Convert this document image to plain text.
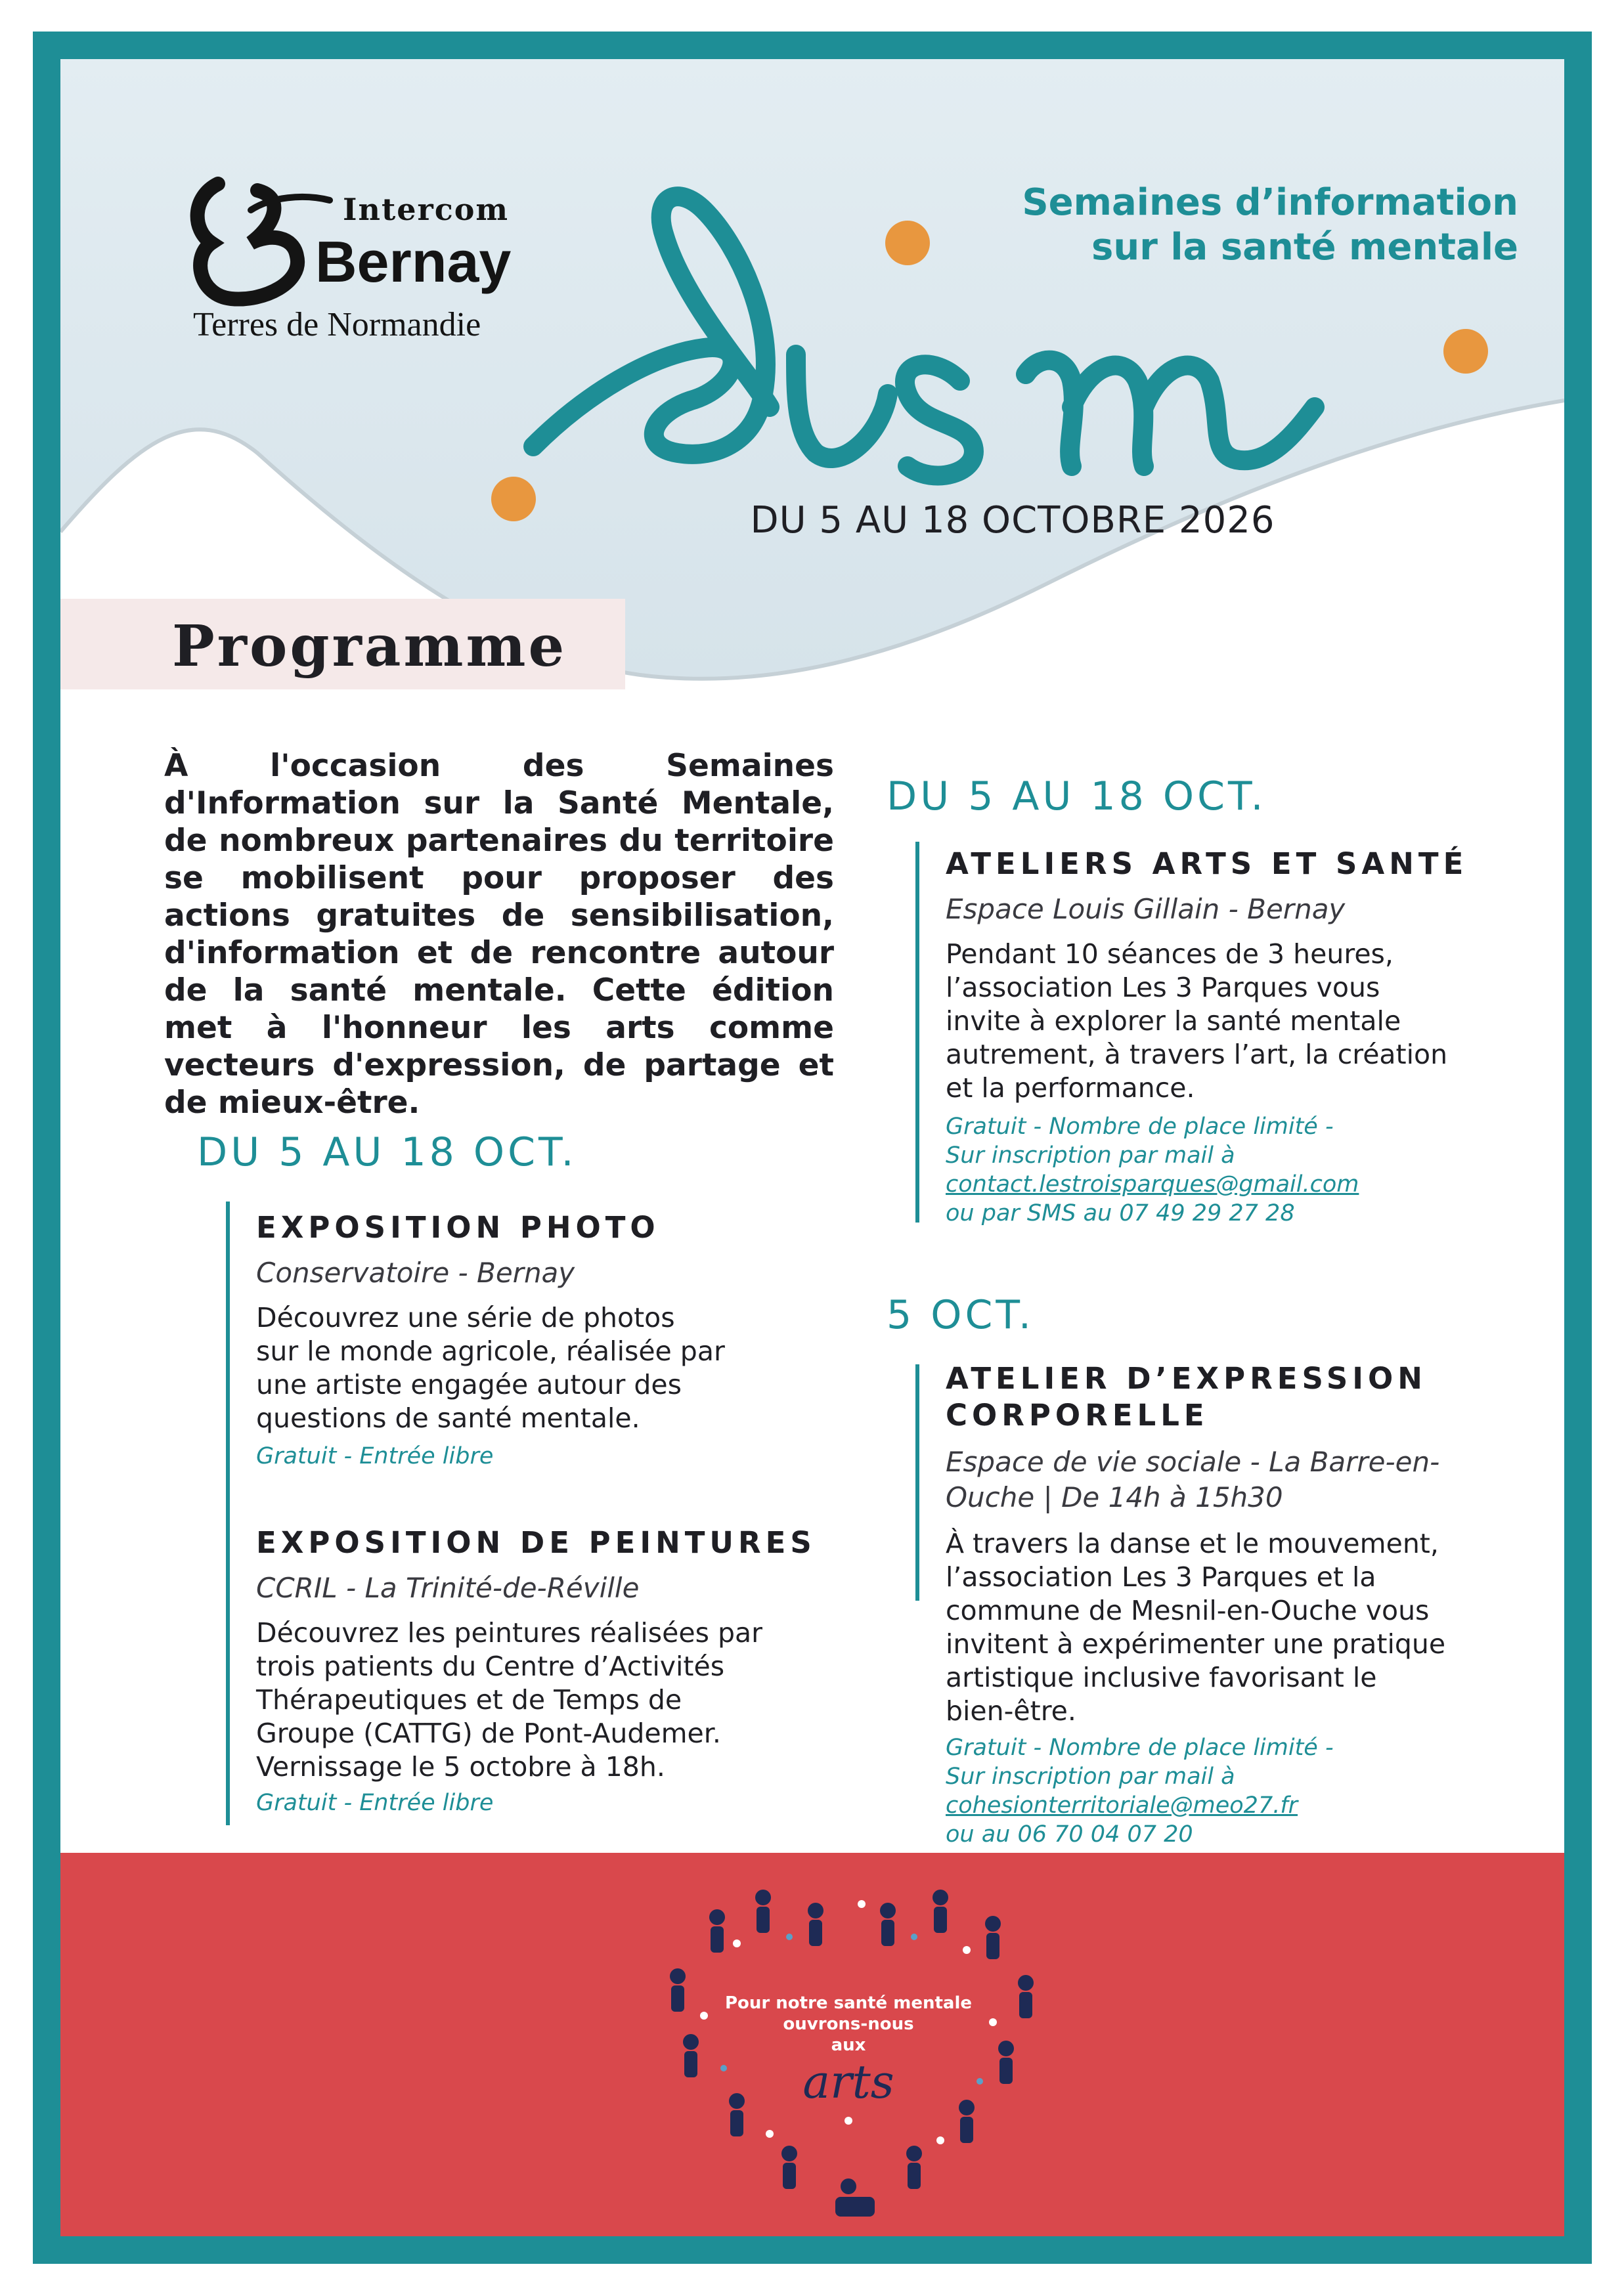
Intercom
Bernay
Terres de Normandie
Semaines d’information
sur la santé mentale
DU 5 AU 18 OCTOBRE 2026
Programme
À l'occasion des Semaines d'Information sur la Santé Mentale, de nombreux partenaires du territoire se mobilisent pour proposer des actions gratuites de sensibilisation, d'information et de rencontre autour de la santé mentale. Cette édition met à l'honneur les arts comme vecteurs d'expression, de partage et de mieux-être.
DU 5 AU 18 OCT.
EXPOSITION PHOTO
Conservatoire - Bernay
Découvrez une série de photos
sur le monde agricole, réalisée par
une artiste engagée autour des
questions de santé mentale.
Gratuit - Entrée libre
EXPOSITION DE PEINTURES
CCRIL - La Trinité-de-Réville
Découvrez les peintures réalisées par
trois patients du Centre d’Activités
Thérapeutiques et de Temps de
Groupe (CATTG) de Pont-Audemer.
Vernissage le 5 octobre à 18h.
Gratuit - Entrée libre
DU 5 AU 18 OCT.
ATELIERS ARTS ET SANTÉ
Espace Louis Gillain - Bernay
Pendant 10 séances de 3 heures,
l’association Les 3 Parques vous
invite à explorer la santé mentale
autrement, à travers l’art, la création
et la performance.
Gratuit - Nombre de place limité -
Sur inscription par mail à
contact.lestroisparques@gmail.com
ou par SMS au 07 49 29 27 28
5 OCT.
ATELIER D’EXPRESSION
CORPORELLE
Espace de vie sociale - La Barre-en-
Ouche | De 14h à 15h30
À travers la danse et le mouvement,
l’association Les 3 Parques et la
commune de Mesnil-en-Ouche vous
invitent à expérimenter une pratique
artistique inclusive favorisant le
bien-être.
Gratuit - Nombre de place limité -
Sur inscription par mail à
cohesionterritoriale@meo27.fr
ou au 06 70 04 07 20
Pour notre santé mentale
ouvrons-nous
aux
arts
